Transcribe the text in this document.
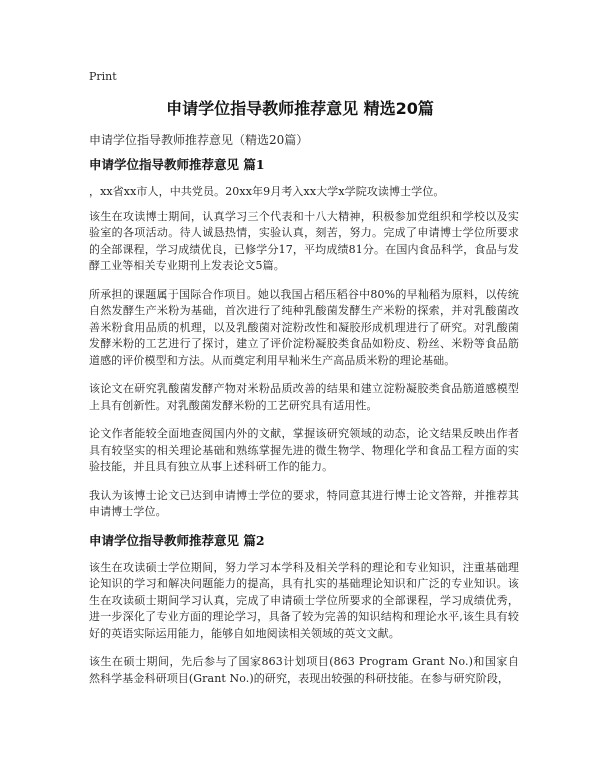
Print
申请学位指导教师推荐意见 精选20篇
申请学位指导教师推荐意见（精选20篇）
申请学位指导教师推荐意见 篇1

，xx省xx市人，中共党员。20xx年9月考入xx大学x学院攻读博士学位。

该生在攻读博士期间，认真学习三个代表和十八大精神，积极参加党组织和学校以及实验室的各项活动。待人诚恳热情，实验认真，刻苦，努力。完成了申请博士学位所要求的全部课程，学习成绩优良，已修学分17，平均成绩81分。在国内食品科学，食品与发酵工业等相关专业期刊上发表论文5篇。

所承担的课题属于国际合作项目。她以我国占稻压稻谷中80%的早籼稻为原料，以传统自然发酵生产米粉为基础，首次进行了纯种乳酸菌发酵生产米粉的探索，并对乳酸菌改善米粉食用品质的机理，以及乳酸菌对淀粉改性和凝胶形成机理进行了研究。对乳酸菌发酵米粉的工艺进行了探讨，建立了评价淀粉凝胶类食品如粉皮、粉丝、米粉等食品筋道感的评价模型和方法。从而奠定利用早籼米生产高品质米粉的理论基础。

该论文在研究乳酸菌发酵产物对米粉品质改善的结果和建立淀粉凝胶类食品筋道感模型上具有创新性。对乳酸菌发酵米粉的工艺研究具有适用性。

论文作者能较全面地查阅国内外的文献，掌握该研究领域的动态，论文结果反映出作者具有较坚实的相关理论基础和熟练掌握先进的微生物学、物理化学和食品工程方面的实验技能，并且具有独立从事上述科研工作的能力。

我认为该博士论文已达到申请博士学位的要求，特同意其进行博士论文答辩，并推荐其申请博士学位。

申请学位指导教师推荐意见 篇2

该生在攻读硕士学位期间，努力学习本学科及相关学科的理论和专业知识，注重基础理论知识的学习和解决问题能力的提高，具有扎实的基础理论知识和广泛的专业知识。该生在攻读硕士期间学习认真，完成了申请硕士学位所要求的全部课程，学习成绩优秀，进一步深化了专业方面的理论学习，具备了较为完善的知识结构和理论水平,该生具有较好的英语实际运用能力，能够自如地阅读相关领域的英文文献。

该生在硕士期间，先后参与了国家863计划项目(863 Program Grant No.)和国家自然科学基金科研项目(Grant No.)的研究，表现出较强的科研技能。在参与研究阶段，
